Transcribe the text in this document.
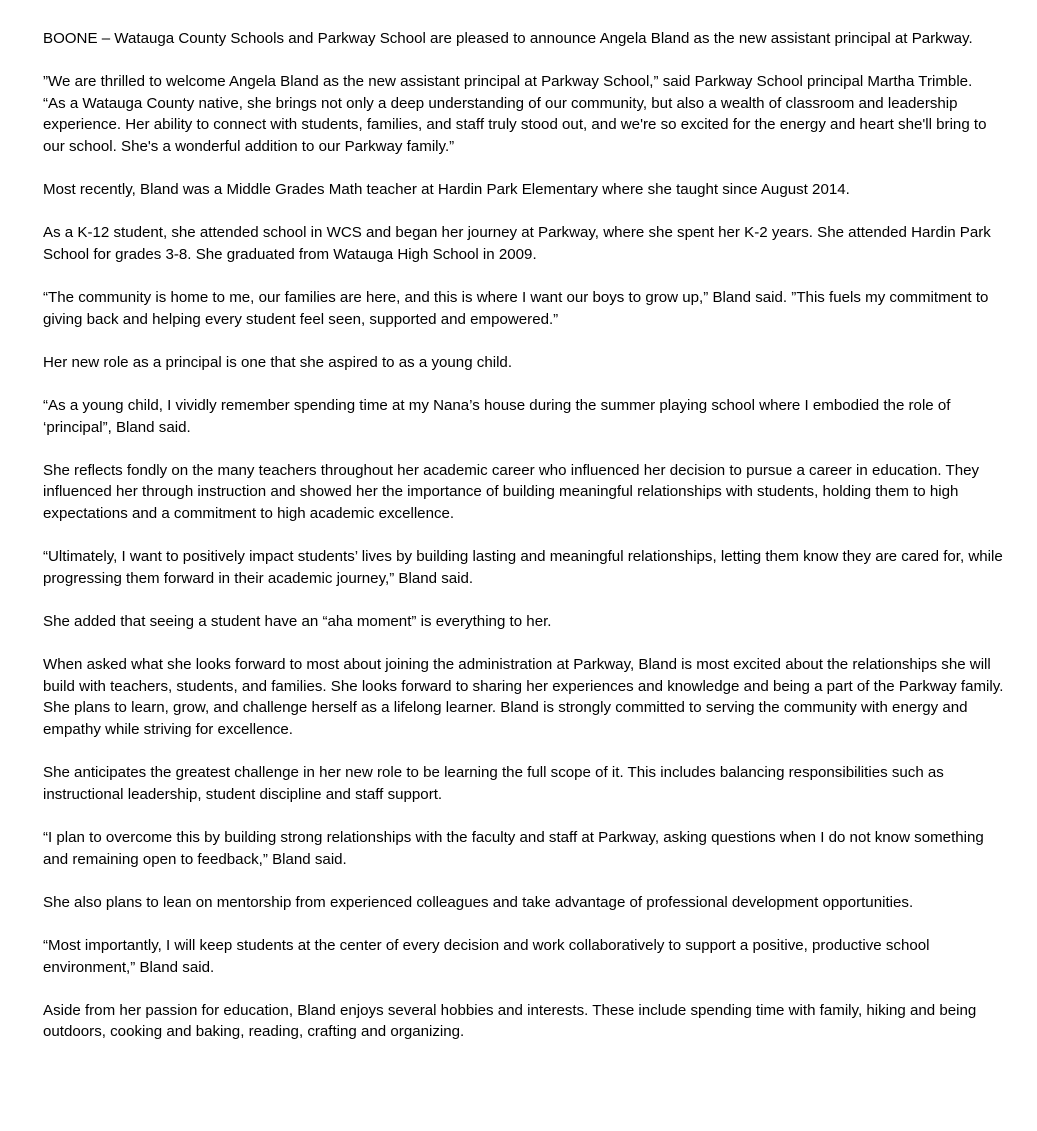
BOONE – Watauga County Schools and Parkway School are pleased to announce Angela Bland as the new assistant principal at Parkway.

”We are thrilled to welcome Angela Bland as the new assistant principal at Parkway School,” said Parkway School principal Martha Trimble.

“As a Watauga County native, she brings not only a deep understanding of our community, but also a wealth of classroom and leadership experience. Her ability to connect with students, families, and staff truly stood out, and we're so excited for the energy and heart she'll bring to our school. She's a wonderful addition to our Parkway family.”

Most recently, Bland was a Middle Grades Math teacher at Hardin Park Elementary where she taught since August 2014.

As a K-12 student, she attended school in WCS and began her journey at Parkway, where she spent her K-2 years. She attended Hardin Park School for grades 3-8. She graduated from Watauga High School in 2009.

“The community is home to me, our families are here, and this is where I want our boys to grow up,” Bland said. ”This fuels my commitment to giving back and helping every student feel seen, supported and empowered.”

Her new role as a principal is one that she aspired to as a young child.

“As a young child, I vividly remember spending time at my Nana’s house during the summer playing school where I embodied the role of ‘principal”, Bland said.

She reflects fondly on the many teachers throughout her academic career who influenced her decision to pursue a career in education. They influenced her through instruction and showed her the importance of building meaningful relationships with students, holding them to high expectations and a commitment to high academic excellence.

“Ultimately, I want to positively impact students’ lives by building lasting and meaningful relationships, letting them know they are cared for, while progressing them forward in their academic journey,” Bland said.

She added that seeing a student have an “aha moment” is everything to her.

When asked what she looks forward to most about joining the administration at Parkway, Bland is most excited about the relationships she will build with teachers, students, and families. She looks forward to sharing her experiences and knowledge and being a part of the Parkway family. She plans to learn, grow, and challenge herself as a lifelong learner. Bland is strongly committed to serving the community with energy and empathy while striving for excellence.

She anticipates the greatest challenge in her new role to be learning the full scope of it. This includes balancing responsibilities such as instructional leadership, student discipline and staff support.

“I plan to overcome this by building strong relationships with the faculty and staff at Parkway, asking questions when I do not know something and remaining open to feedback,” Bland said.

She also plans to lean on mentorship from experienced colleagues and take advantage of professional development opportunities.

“Most importantly, I will keep students at the center of every decision and work collaboratively to support a positive, productive school environment,” Bland said.

Aside from her passion for education, Bland enjoys several hobbies and interests. These include spending time with family, hiking and being outdoors, cooking and baking, reading, crafting and organizing.
